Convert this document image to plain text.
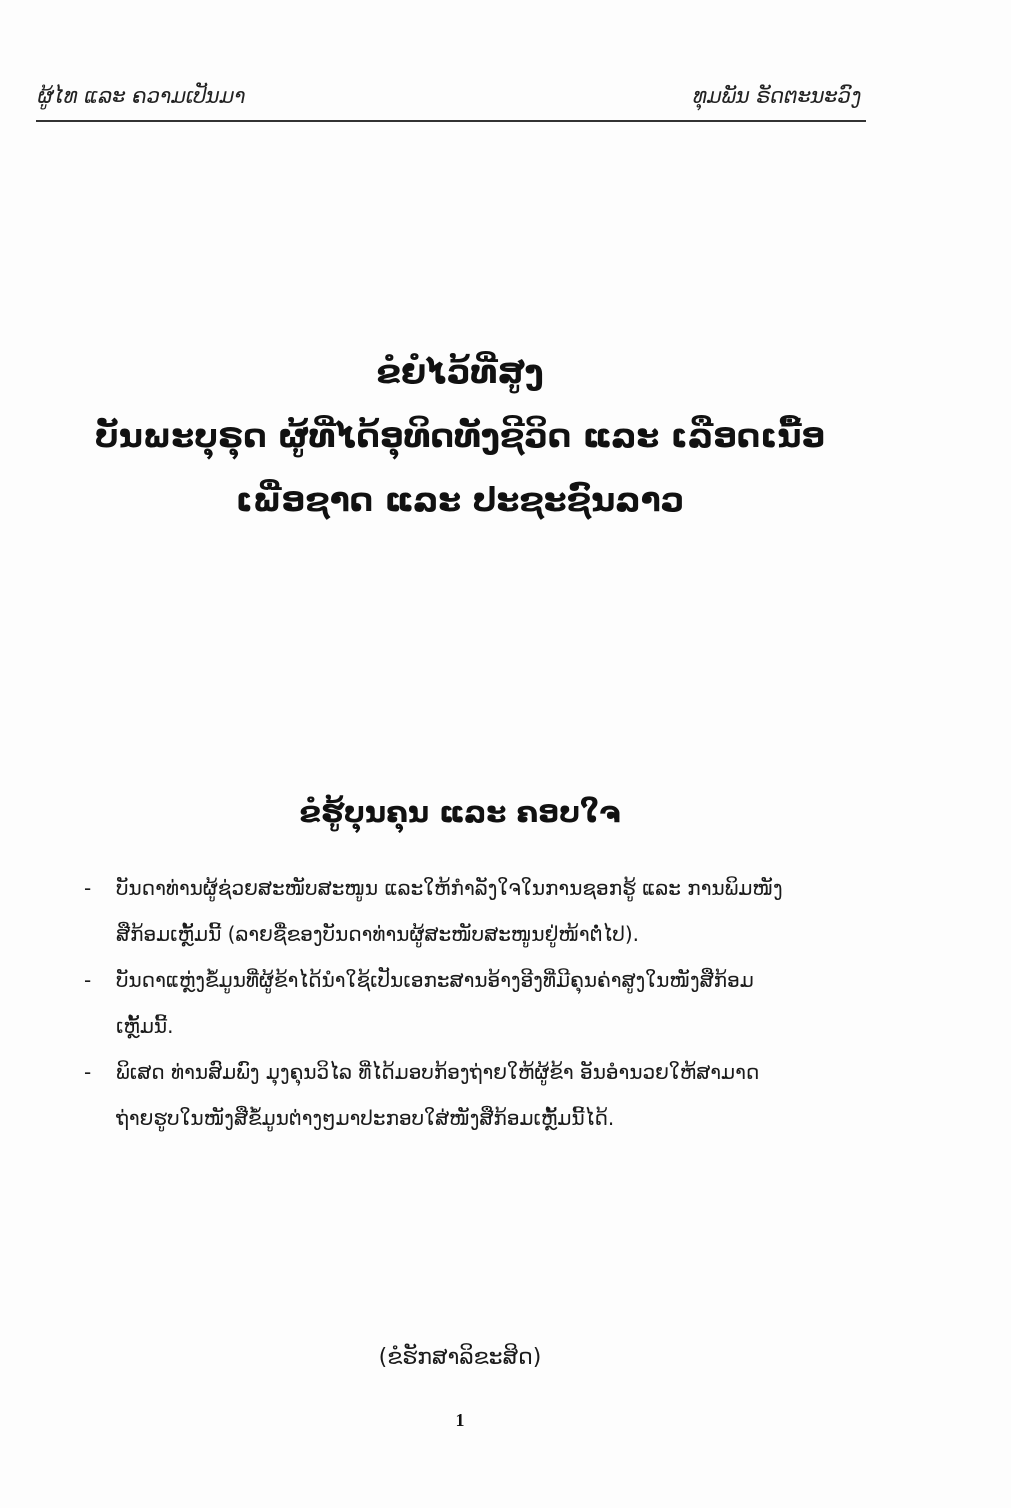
ຜູ້ໄທ ແລະ ຄວາມເປັນມາ	ທຸມພັນ ຣັດຕະນະວົງ
ຂໍຍໍໄວ້ທີ່ສູງ
ບັນພະບຸຣຸດ ຜູ້ທີ່ໄດ້ອຸທິດທັງຊີວິດ ແລະ ເລືອດເນື້ອ
ເພື່ອຊາດ ແລະ ປະຊະຊົນລາວ
ຂໍຮູ້ບຸນຄຸນ ແລະ ຄອບໃຈ
- ບັນດາທ່ານຜູ້ຊ່ວຍສະໜັບສະໜູນ ແລະໃຫ້ກຳລັງໃຈໃນການຊອກຮູ້ ແລະ ການພິມໜັງ
ສືກ້ອມເຫຼັ້ມນີ້ (ລາຍຊື່ຂອງບັນດາທ່ານຜູ້ສະໜັບສະໜູນຢູ່ໜ້າຕໍ່ໄປ).
- ບັນດາແຫຼ່ງຂໍ້ມູນທີ່ຜູ້ຂ້າໄດ້ນຳໃຊ້ເປັນເອກະສານອ້າງອີງທີ່ມີຄຸນຄ່າສູງໃນໜັງສືກ້ອມ
ເຫຼັ້ມນີ້.
- ພິເສດ ທ່ານສົມພົງ ມຸງຄຸນວິໄລ ທີ່ໄດ້ມອບກ້ອງຖ່າຍໃຫ້ຜູ້ຂ້າ ອັນອຳນວຍໃຫ້ສາມາດ
ຖ່າຍຮູບໃນໜັງສືຂໍ້ມູນຕ່າງໆມາປະກອບໃສ່ໜັງສືກ້ອມເຫຼັ້ມນີ້ໄດ້.
(ຂໍຮັກສາລິຂະສິດ)
1
